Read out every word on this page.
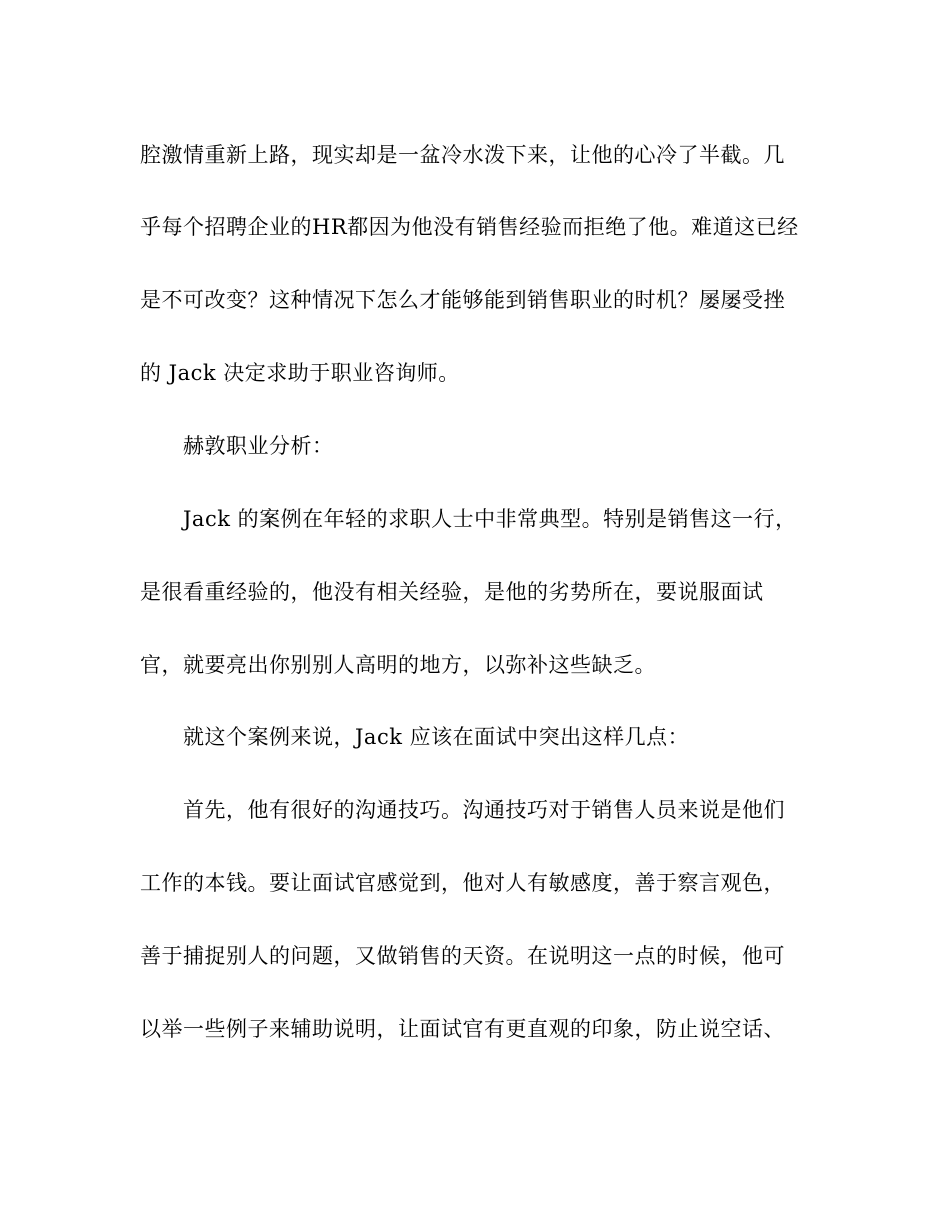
腔激情重新上路，现实却是一盆冷水泼下来，让他的心冷了半截。几
乎每个招聘企业的HR都因为他没有销售经验而拒绝了他。难道这已经
是不可改变？这种情况下怎么才能够能到销售职业的时机？屡屡受挫
的 Jack 决定求助于职业咨询师。
赫敦职业分析：
Jack 的案例在年轻的求职人士中非常典型。特别是销售这一行，
是很看重经验的，他没有相关经验，是他的劣势所在，要说服面试
官，就要亮出你别别人高明的地方，以弥补这些缺乏。
就这个案例来说，Jack 应该在面试中突出这样几点：
首先，他有很好的沟通技巧。沟通技巧对于销售人员来说是他们
工作的本钱。要让面试官感觉到，他对人有敏感度，善于察言观色，
善于捕捉别人的问题，又做销售的天资。在说明这一点的时候，他可
以举一些例子来辅助说明，让面试官有更直观的印象，防止说空话、
